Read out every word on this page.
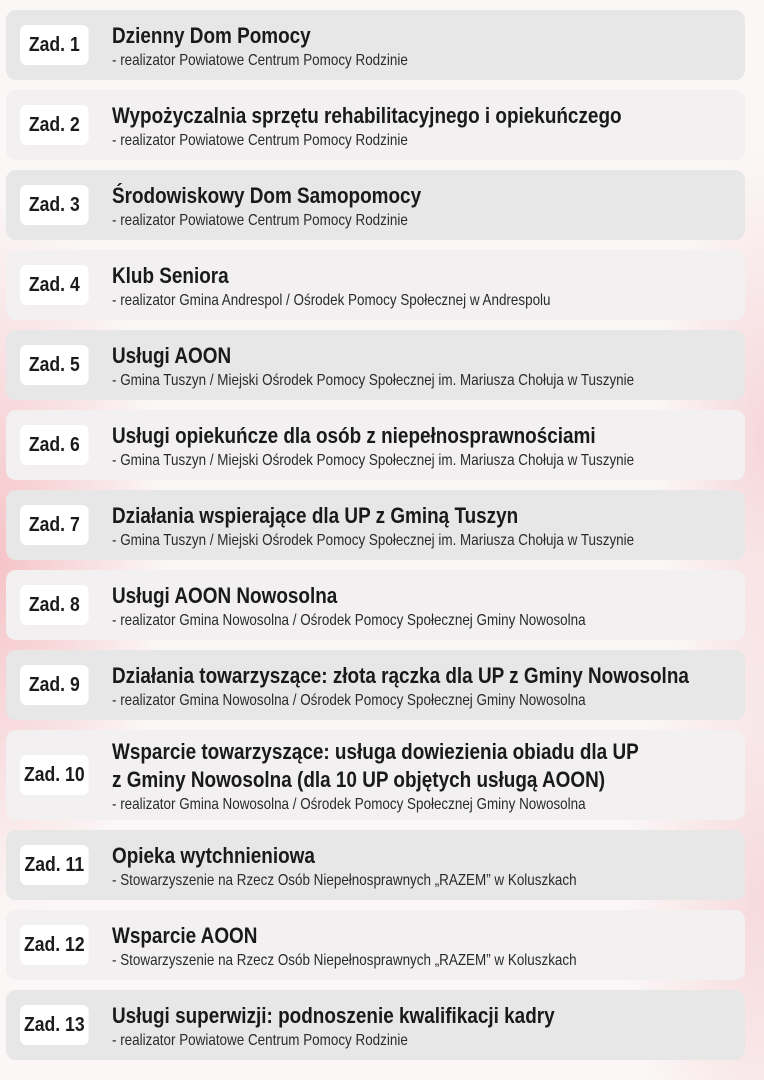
Zad. 1	Dzienny Dom Pomocy
- realizator Powiatowe Centrum Pomocy Rodzinie
Zad. 2	Wypożyczalnia sprzętu rehabilitacyjnego i opiekuńczego
- realizator Powiatowe Centrum Pomocy Rodzinie
Zad. 3	Środowiskowy Dom Samopomocy
- realizator Powiatowe Centrum Pomocy Rodzinie
Zad. 4	Klub Seniora
- realizator Gmina Andrespol / Ośrodek Pomocy Społecznej w Andrespolu
Zad. 5	Usługi AOON
- Gmina Tuszyn / Miejski Ośrodek Pomocy Społecznej im. Mariusza Chołuja w Tuszynie
Zad. 6	Usługi opiekuńcze dla osób z niepełnosprawnościami
- Gmina Tuszyn / Miejski Ośrodek Pomocy Społecznej im. Mariusza Chołuja w Tuszynie
Zad. 7	Działania wspierające dla UP z Gminą Tuszyn
- Gmina Tuszyn / Miejski Ośrodek Pomocy Społecznej im. Mariusza Chołuja w Tuszynie
Zad. 8	Usługi AOON Nowosolna
- realizator Gmina Nowosolna / Ośrodek Pomocy Społecznej Gminy Nowosolna
Zad. 9	Działania towarzyszące: złota rączka dla UP z Gminy Nowosolna
- realizator Gmina Nowosolna / Ośrodek Pomocy Społecznej Gminy Nowosolna
Zad. 10
Wsparcie towarzyszące: usługa dowiezienia obiadu dla UP
z Gminy Nowosolna (dla 10 UP objętych usługą AOON)
- realizator Gmina Nowosolna / Ośrodek Pomocy Społecznej Gminy Nowosolna
Zad. 11 Opieka wytchnieniowa
- Stowarzyszenie na Rzecz Osób Niepełnosprawnych „RAZEM” w Koluszkach
Zad. 12 Wsparcie AOON
- Stowarzyszenie na Rzecz Osób Niepełnosprawnych „RAZEM” w Koluszkach
Zad. 13 Usługi superwizji: podnoszenie kwalifikacji kadry
- realizator Powiatowe Centrum Pomocy Rodzinie
